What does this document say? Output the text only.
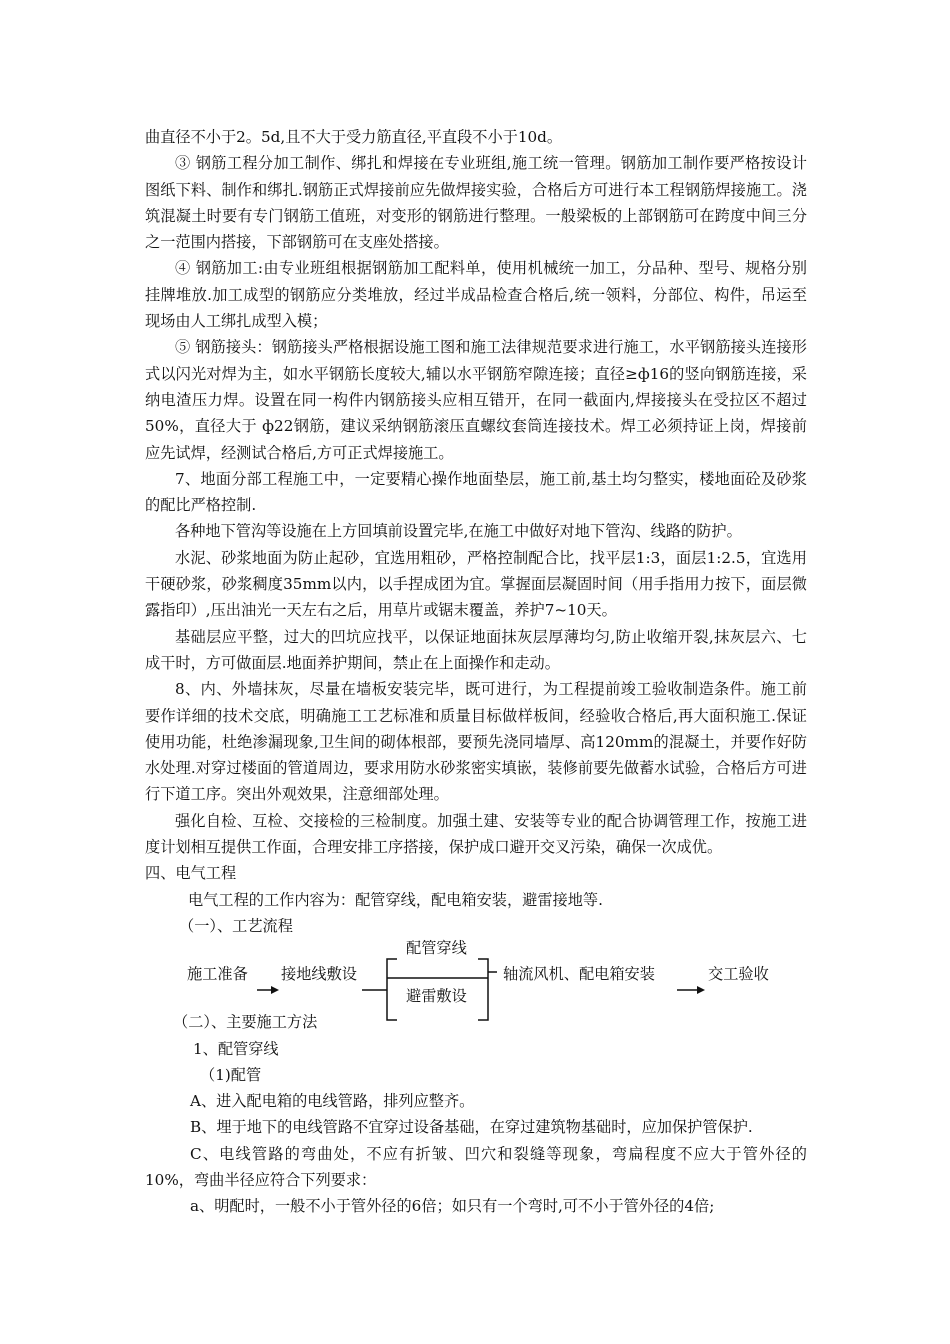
曲直径不小于2。5d,且不大于受力筋直径,平直段不小于10d。

③ 钢筋工程分加工制作、绑扎和焊接在专业班组,施工统一管理。钢筋加工制作要严格按设计图纸下料、制作和绑扎.钢筋正式焊接前应先做焊接实验，合格后方可进行本工程钢筋焊接施工。浇筑混凝土时要有专门钢筋工值班，对变形的钢筋进行整理。一般梁板的上部钢筋可在跨度中间三分之一范围内搭接，下部钢筋可在支座处搭接。

④ 钢筋加工:由专业班组根据钢筋加工配料单，使用机械统一加工，分品种、型号、规格分别挂牌堆放.加工成型的钢筋应分类堆放，经过半成品检查合格后,统一领料，分部位、构件，吊运至现场由人工绑扎成型入模；

⑤ 钢筋接头：钢筋接头严格根据设施工图和施工法律规范要求进行施工，水平钢筋接头连接形式以闪光对焊为主，如水平钢筋长度较大,辅以水平钢筋窄隙连接；直径≥ф16的竖向钢筋连接，采纳电渣压力焊。设置在同一构件内钢筋接头应相互错开，在同一截面内,焊接接头在受拉区不超过50%，直径大于 ф22钢筋，建议采纳钢筋滚压直螺纹套筒连接技术。焊工必须持证上岗，焊接前应先试焊，经测试合格后,方可正式焊接施工。

7、地面分部工程施工中，一定要精心操作地面垫层，施工前,基土均匀整实，楼地面砼及砂浆的配比严格控制.

各种地下管沟等设施在上方回填前设置完毕,在施工中做好对地下管沟、线路的防护。

水泥、砂浆地面为防止起砂，宜选用粗砂，严格控制配合比，找平层1:3，面层1:2.5，宜选用干硬砂浆，砂浆稠度35mm以内，以手捏成团为宜。掌握面层凝固时间（用手指用力按下，面层微露指印）,压出油光一天左右之后，用草片或锯末覆盖，养护7~10天。

基础层应平整，过大的凹坑应找平，以保证地面抹灰层厚薄均匀,防止收缩开裂,抹灰层六、七成干时，方可做面层.地面养护期间，禁止在上面操作和走动。

8、内、外墙抹灰，尽量在墙板安装完毕，既可进行，为工程提前竣工验收制造条件。施工前要作详细的技术交底，明确施工工艺标准和质量目标做样板间，经验收合格后,再大面积施工.保证使用功能，杜绝渗漏现象,卫生间的砌体根部，要预先浇同墙厚、高120mm的混凝土，并要作好防水处理.对穿过楼面的管道周边，要求用防水砂浆密实填嵌，装修前要先做蓄水试验，合格后方可进行下道工序。突出外观效果，注意细部处理。

强化自检、互检、交接检的三检制度。加强土建、安装等专业的配合协调管理工作，按施工进度计划相互提供工作面，合理安排工序搭接，保护成口避开交叉污染，确保一次成优。

四、电气工程

电气工程的工作内容为：配管穿线，配电箱安装，避雷接地等.

（一）、工艺流程

施工准备 接地线敷设
配管穿线
避雷敷设
轴流风机、配电箱安装	交工验收

（二）、主要施工方法

1、配管穿线

（1)配管

A、进入配电箱的电线管路，排列应整齐。

B、埋于地下的电线管路不宜穿过设备基础，在穿过建筑物基础时，应加保护管保护.

C、电线管路的弯曲处，不应有折皱、凹穴和裂缝等现象，弯扁程度不应大于管外径的10%，弯曲半径应符合下列要求：

a、明配时，一般不小于管外径的6倍；如只有一个弯时,可不小于管外径的4倍;
